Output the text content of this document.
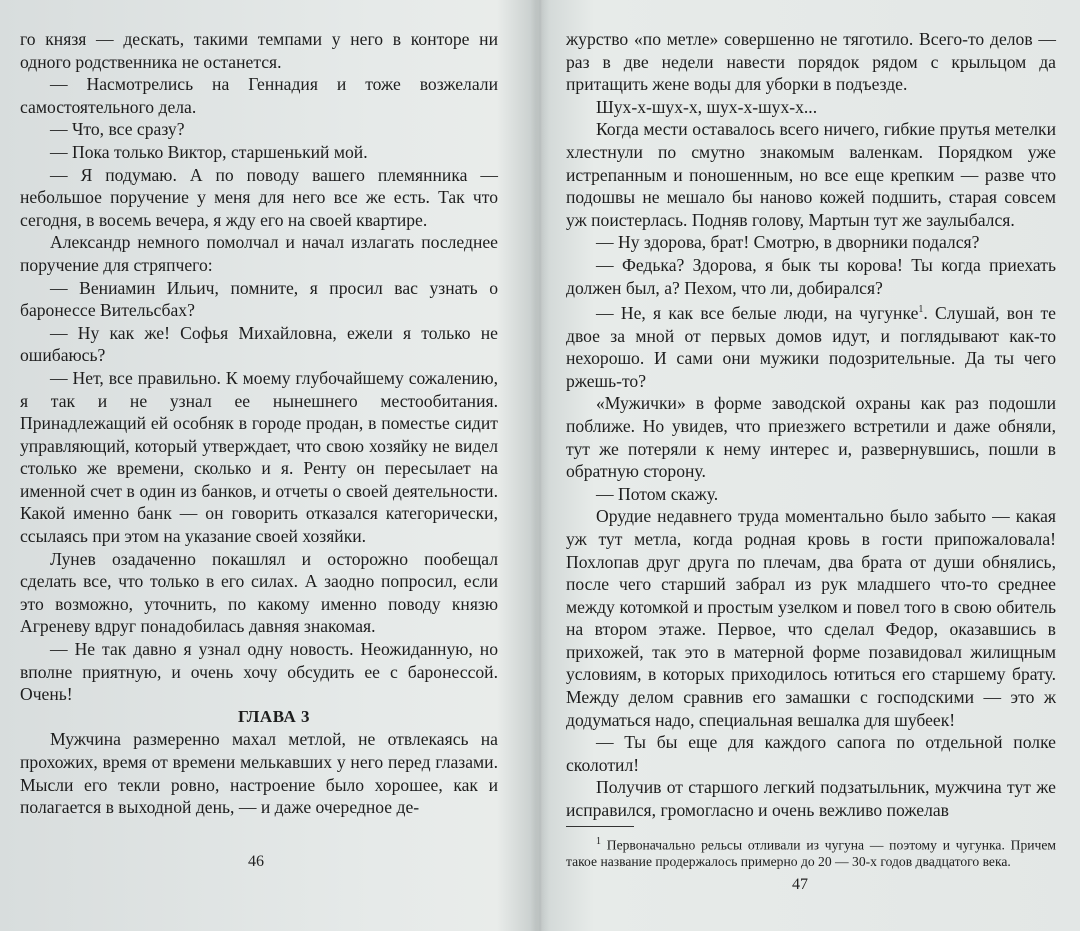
го князя — дескать, такими темпами у него в конторе ни одного родственника не останется.

— Насмотрелись на Геннадия и тоже возжелали самостоятельного дела.

— Что, все сразу?

— Пока только Виктор, старшенький мой.

— Я подумаю. А по поводу вашего племянника — небольшое поручение у меня для него все же есть. Так что сегодня, в восемь вечера, я жду его на своей квартире.

Александр немного помолчал и начал излагать последнее поручение для стряпчего:

— Вениамин Ильич, помните, я просил вас узнать о баронессе Вительсбах?

— Ну как же! Софья Михайловна, ежели я только не ошибаюсь?

— Нет, все правильно. К моему глубочайшему сожалению, я так и не узнал ее нынешнего местообитания. Принадлежащий ей особняк в городе продан, в поместье сидит управляющий, который утверждает, что свою хозяйку не видел столько же времени, сколько и я. Ренту он пересылает на именной счет в один из банков, и отчеты о своей деятельности. Какой именно банк — он говорить отказался категорически, ссылаясь при этом на указание своей хозяйки.

Лунев озадаченно покашлял и осторожно пообещал сделать все, что только в его силах. А заодно попросил, если это возможно, уточнить, по какому именно поводу князю Агреневу вдруг понадобилась давняя знакомая.

— Не так давно я узнал одну новость. Неожиданную, но вполне приятную, и очень хочу обсудить ее с баронессой. Очень!

ГЛАВА 3

Мужчина размеренно махал метлой, не отвлекаясь на прохожих, время от времени мелькавших у него перед глазами. Мысли его текли ровно, настроение было хорошее, как и полагается в выходной день, — и даже очередное де-

46

журство «по метле» совершенно не тяготило. Всего-то делов — раз в две недели навести порядок рядом с крыльцом да притащить жене воды для уборки в подъезде.

Шух-х-шух-х, шух-х-шух-х...

Когда мести оставалось всего ничего, гибкие прутья метелки хлестнули по смутно знакомым валенкам. Порядком уже истрепанным и поношенным, но все еще крепким — разве что подошвы не мешало бы наново кожей подшить, старая совсем уж поистерлась. Подняв голову, Мартын тут же заулыбался.

— Ну здорова, брат! Смотрю, в дворники подался?

— Федька? Здорова, я бык ты корова! Ты когда приехать должен был, а? Пехом, что ли, добирался?

— Не, я как все белые люди, на чугунке$^1$. Слушай, вон те двое за мной от первых домов идут, и поглядывают как-то нехорошо. И сами они мужики подозрительные. Да ты чего ржешь-то?

«Мужички» в форме заводской охраны как раз подошли поближе. Но увидев, что приезжего встретили и даже обняли, тут же потеряли к нему интерес и, развернувшись, пошли в обратную сторону.

— Потом скажу.

Орудие недавнего труда моментально было забыто — какая уж тут метла, когда родная кровь в гости припожаловала! Похлопав друг друга по плечам, два брата от души обнялись, после чего старший забрал из рук младшего что-то среднее между котомкой и простым узелком и повел того в свою обитель на втором этаже. Первое, что сделал Федор, оказавшись в прихожей, так это в матерной форме позавидовал жилищным условиям, в которых приходилось ютиться его старшему брату. Между делом сравнив его замашки с господскими — это ж додуматься надо, специальная вешалка для шубеек!

— Ты бы еще для каждого сапога по отдельной полке сколотил!

Получив от старшого легкий подзатыльник, мужчина тут же исправился, громогласно и очень вежливо пожелав

$^1$ Первоначально рельсы отливали из чугуна — поэтому и чугунка. Причем такое название продержалось примерно до 20 — 30-х годов двадцатого века.

47
